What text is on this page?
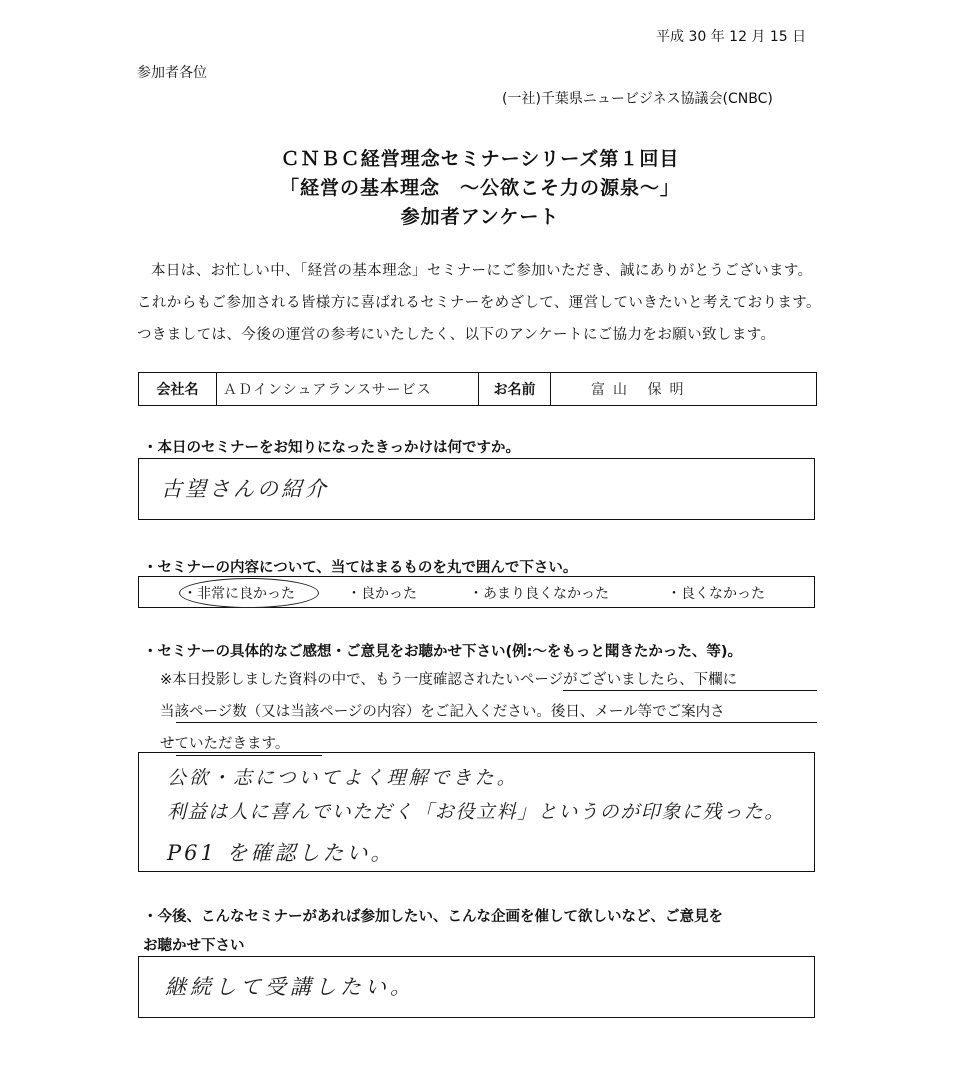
平成 30 年 12 月 15 日
参加者各位
(一社)千葉県ニュービジネス協議会(CNBC)
ＣＮＢＣ経営理念セミナーシリーズ第１回目
「経営の基本理念　～公欲こそ力の源泉～」
参加者アンケート
本日は、お忙しい中、「経営の基本理念」セミナーにご参加いただき、誠にありがとうございます。これからもご参加される皆様方に喜ばれるセミナーをめざして、運営していきたいと考えております。つきましては、今後の運営の参考にいたしたく、以下のアンケートにご協力をお願い致します。
会社名	ＡＤインシュアランスサービス	お名前	富山 保明
・本日のセミナーをお知りになったきっかけは何ですか。
古望さんの紹介
・セミナーの内容について、当てはまるものを丸で囲んで下さい。
・非常に良かった	・良かった	・あまり良くなかった	・良くなかった
・セミナーの具体的なご感想・ご意見をお聴かせ下さい(例:～をもっと聞きたかった、等)。
※本日投影しました資料の中で、もう一度確認されたいページがございましたら、下欄に
当該ページ数（又は当該ページの内容）をご記入ください。後日、メール等でご案内さ
せていただきます。
公欲・志についてよく理解できた。
利益は人に喜んでいただく「お役立料」というのが印象に残った。
P61 を確認したい。
・今後、こんなセミナーがあれば参加したい、こんな企画を催して欲しいなど、ご意見を
お聴かせ下さい
継続して受講したい。
